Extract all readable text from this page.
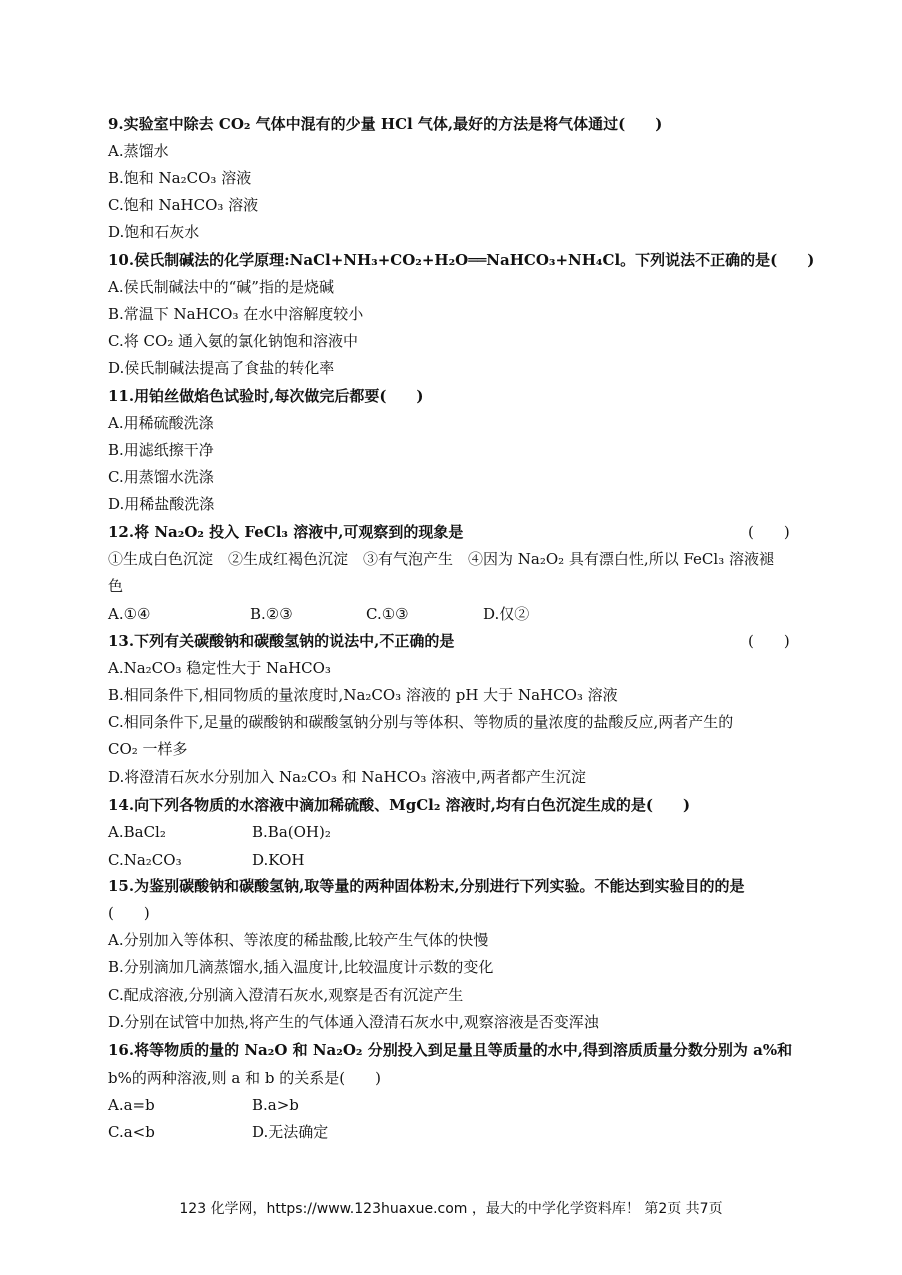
9.实验室中除去 CO₂ 气体中混有的少量 HCl 气体,最好的方法是将气体通过(　　)
A.蒸馏水
B.饱和 Na₂CO₃ 溶液
C.饱和 NaHCO₃ 溶液
D.饱和石灰水
10.侯氏制碱法的化学原理:NaCl+NH₃+CO₂+H₂O══NaHCO₃+NH₄Cl。下列说法不正确的是(　　)
A.侯氏制碱法中的“碱”指的是烧碱
B.常温下 NaHCO₃ 在水中溶解度较小
C.将 CO₂ 通入氨的氯化钠饱和溶液中
D.侯氏制碱法提高了食盐的转化率
11.用铂丝做焰色试验时,每次做完后都要(　　)
A.用稀硫酸洗涤
B.用滤纸擦干净
C.用蒸馏水洗涤
D.用稀盐酸洗涤
12.将 Na₂O₂ 投入 FeCl₃ 溶液中,可观察到的现象是	(　　)
①生成白色沉淀　②生成红褐色沉淀　③有气泡产生　④因为 Na₂O₂ 具有漂白性,所以 FeCl₃ 溶液褪
色
A.①④	B.②③	C.①③	D.仅②
13.下列有关碳酸钠和碳酸氢钠的说法中,不正确的是	(　　)
A.Na₂CO₃ 稳定性大于 NaHCO₃
B.相同条件下,相同物质的量浓度时,Na₂CO₃ 溶液的 pH 大于 NaHCO₃ 溶液
C.相同条件下,足量的碳酸钠和碳酸氢钠分别与等体积、等物质的量浓度的盐酸反应,两者产生的
CO₂ 一样多
D.将澄清石灰水分别加入 Na₂CO₃ 和 NaHCO₃ 溶液中,两者都产生沉淀
14.向下列各物质的水溶液中滴加稀硫酸、MgCl₂ 溶液时,均有白色沉淀生成的是(　　)
A.BaCl₂	B.Ba(OH)₂
C.Na₂CO₃	D.KOH
15.为鉴别碳酸钠和碳酸氢钠,取等量的两种固体粉末,分别进行下列实验。不能达到实验目的的是
(　　)
A.分别加入等体积、等浓度的稀盐酸,比较产生气体的快慢
B.分别滴加几滴蒸馏水,插入温度计,比较温度计示数的变化
C.配成溶液,分别滴入澄清石灰水,观察是否有沉淀产生
D.分别在试管中加热,将产生的气体通入澄清石灰水中,观察溶液是否变浑浊
16.将等物质的量的 Na₂O 和 Na₂O₂ 分别投入到足量且等质量的水中,得到溶质质量分数分别为 a%和
b%的两种溶液,则 a 和 b 的关系是(　　)
A.a=b	B.a>b
C.a<b	D.无法确定
123 化学网，https://www.123huaxue.com ，最大的中学化学资料库！ 第2页 共7页
